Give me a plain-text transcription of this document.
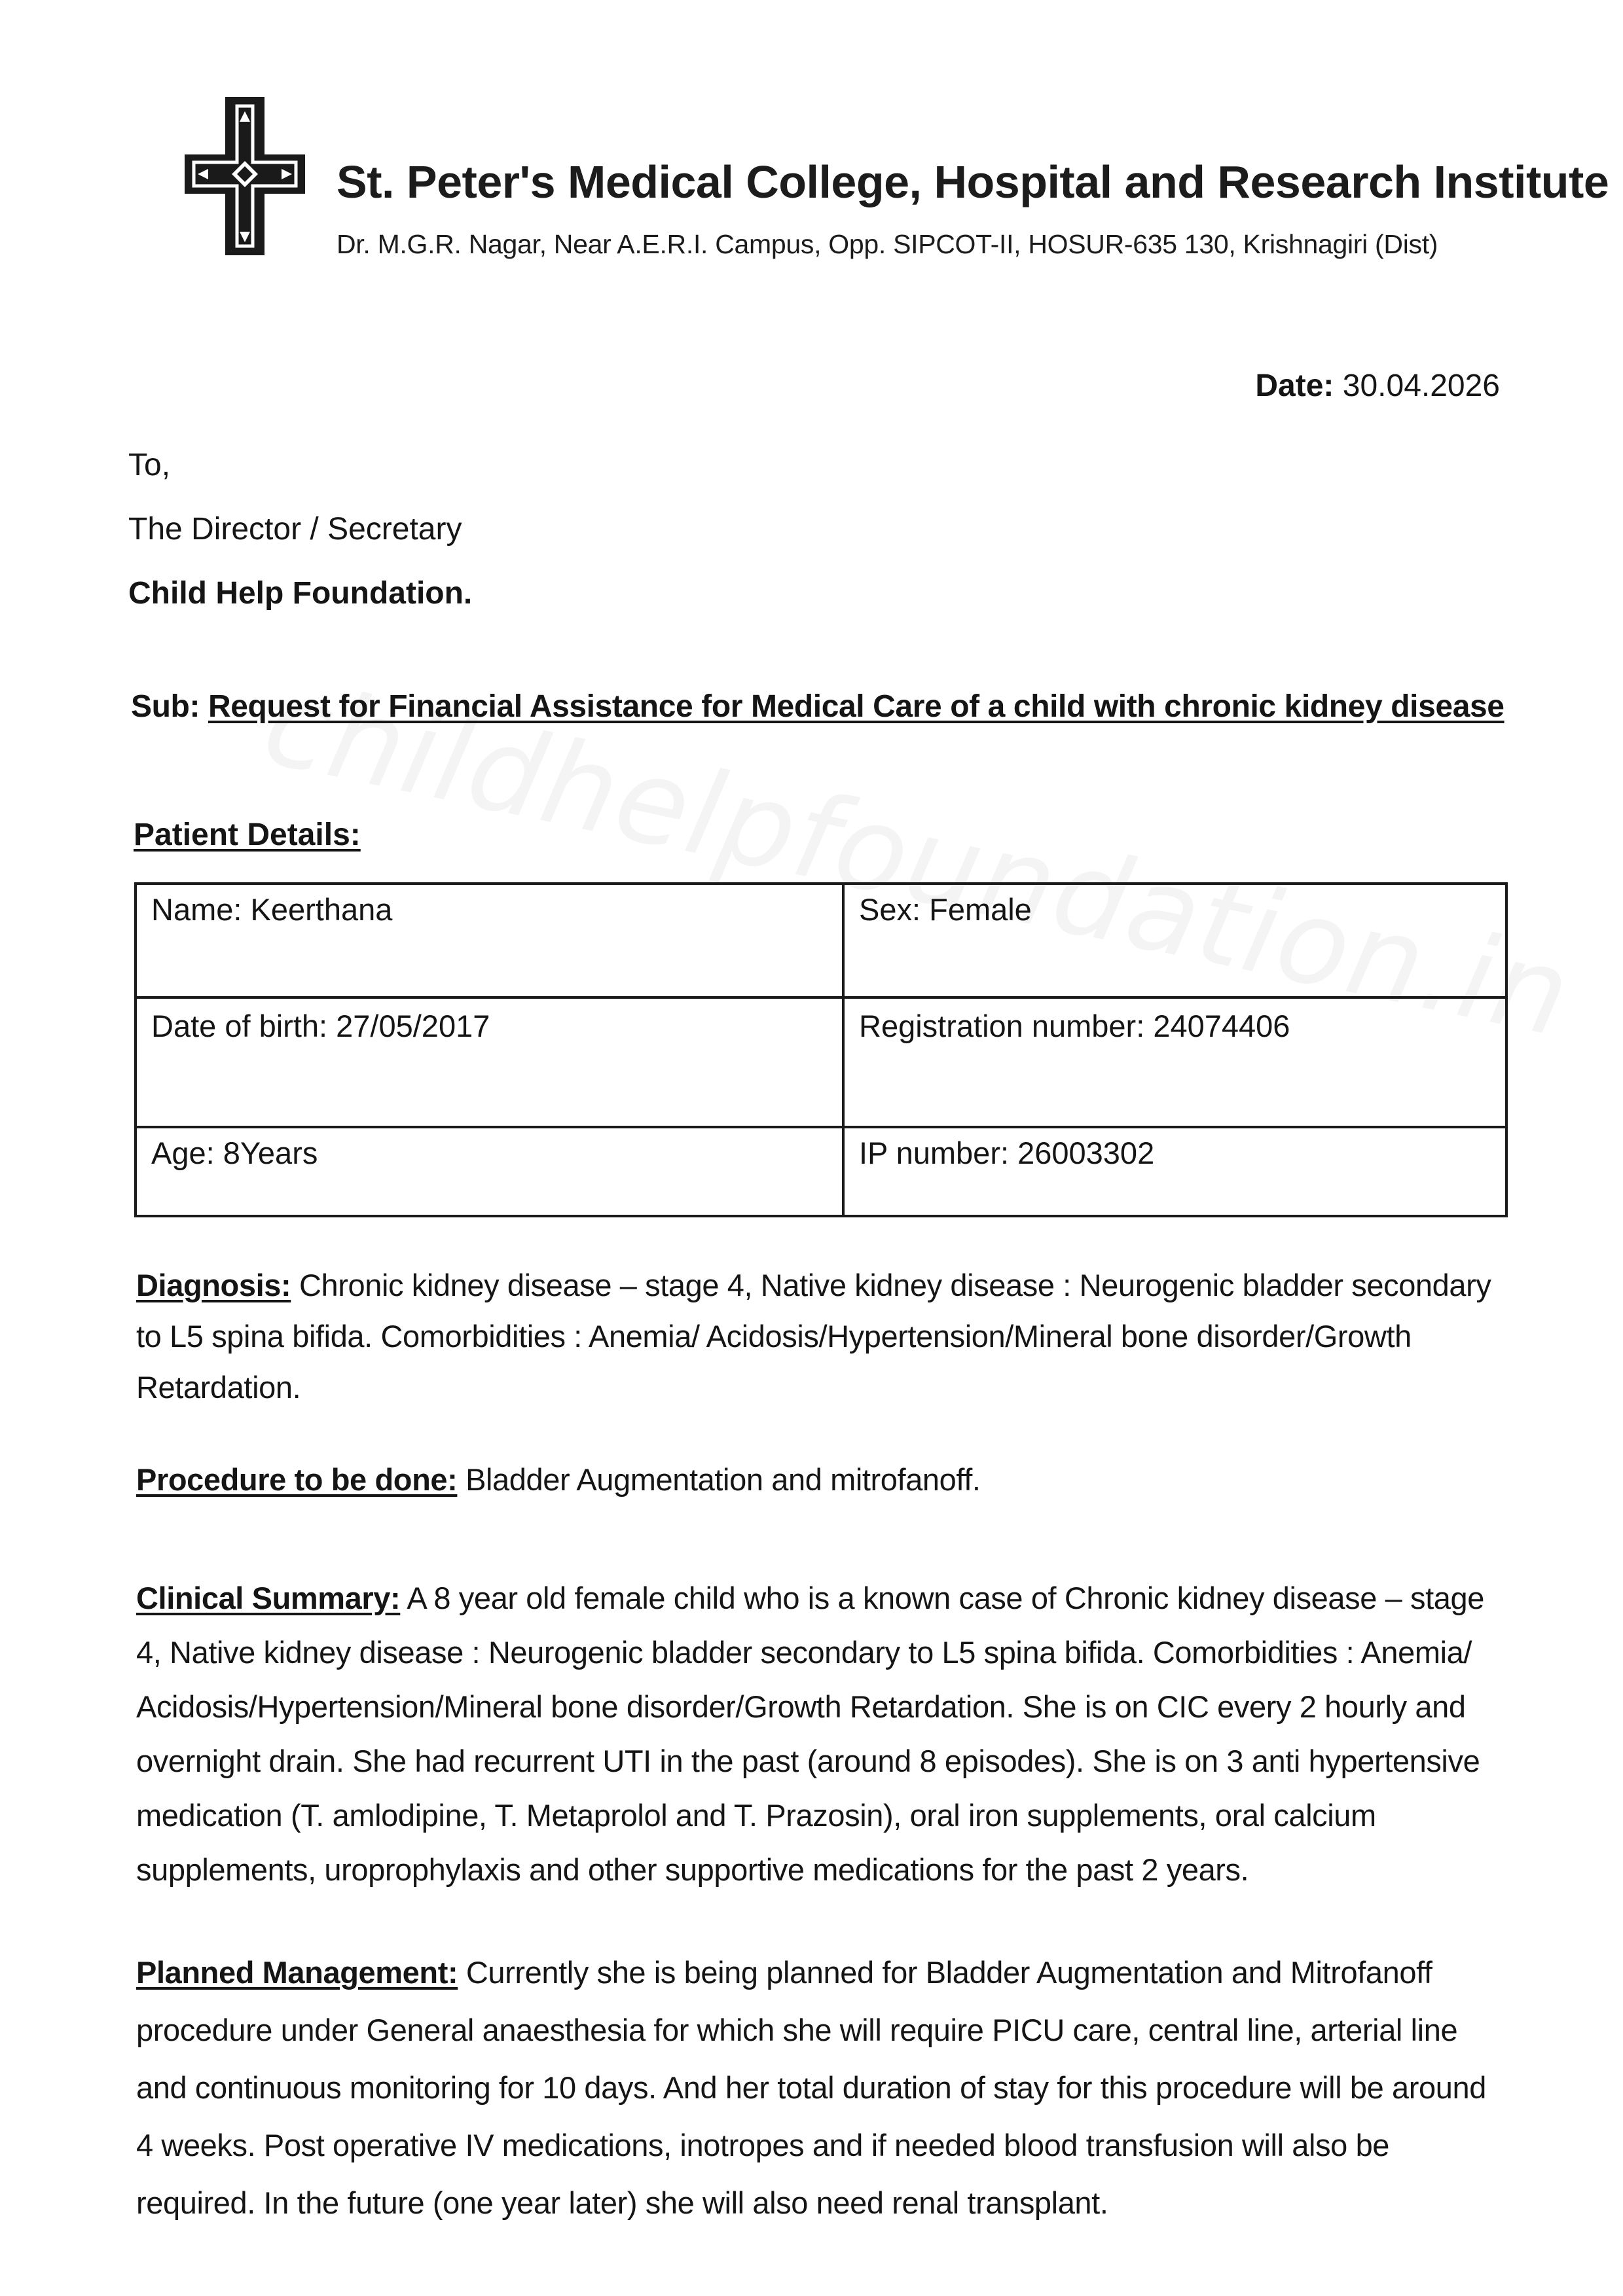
St. Peter's Medical College, Hospital and Research Institute
Dr. M.G.R. Nagar, Near A.E.R.I. Campus, Opp. SIPCOT-II, HOSUR-635 130, Krishnagiri (Dist)
Date: 30.04.2026
To,
The Director / Secretary
Child Help Foundation.
Sub: Request for Financial Assistance for Medical Care of a child with chronic kidney disease
Patient Details:
Name: Keerthana	Sex: Female
Date of birth: 27/05/2017	Registration number: 24074406
Age: 8Years	IP number: 26003302
Diagnosis: Chronic kidney disease – stage 4, Native kidney disease : Neurogenic bladder secondary to L5 spina bifida. Comorbidities : Anemia/ Acidosis/Hypertension/Mineral bone disorder/Growth Retardation.
Procedure to be done: Bladder Augmentation and mitrofanoff.
Clinical Summary: A 8 year old female child who is a known case of Chronic kidney disease – stage 4, Native kidney disease : Neurogenic bladder secondary to L5 spina bifida. Comorbidities : Anemia/ Acidosis/Hypertension/Mineral bone disorder/Growth Retardation. She is on CIC every 2 hourly and overnight drain. She had recurrent UTI in the past (around 8 episodes). She is on 3 anti hypertensive medication (T. amlodipine, T. Metaprolol and T. Prazosin), oral iron supplements, oral calcium supplements, uroprophylaxis and other supportive medications for the past 2 years.
Planned Management: Currently she is being planned for Bladder Augmentation and Mitrofanoff procedure under General anaesthesia for which she will require PICU care, central line, arterial line and continuous monitoring for 10 days. And her total duration of stay for this procedure will be around 4 weeks. Post operative IV medications, inotropes and if needed blood transfusion will also be required. In the future (one year later) she will also need renal transplant.
